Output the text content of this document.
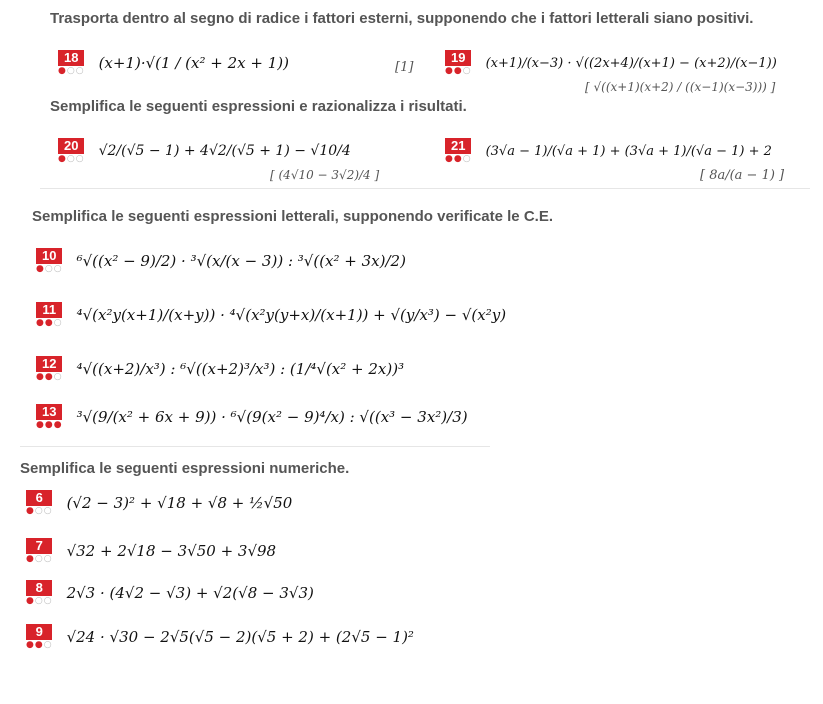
Trasporta dentro al segno di radice i fattori esterni, supponendo che i fattori letterali siano positivi.
18
●○○ (x+1)·√(1 / (x² + 2x + 1))	[1]
19
●●○
(x+1)/(x−3) · √((2x+4)/(x+1) − (x+2)/(x−1))
[ √((x+1)(x+2) / ((x−1)(x−3))) ]
Semplifica le seguenti espressioni e razionalizza i risultati.
20
●○○ √2/(√5 − 1) + 4√2/(√5 + 1) − √10/4
[ (4√10 − 3√2)/4 ]
21
●●○
(3√a − 1)/(√a + 1) + (3√a + 1)/(√a − 1) + 2
[ 8a/(a − 1) ]
Semplifica le seguenti espressioni letterali, supponendo verificate le C.E.
10
●○○ ⁶√((x² − 9)/2) · ³√(x/(x − 3)) : ³√((x² + 3x)/2)
11
●●○ ⁴√(x²y(x+1)/(x+y)) · ⁴√(x²y(y+x)/(x+1)) + √(y/x³) − √(x²y)
12
●●○ ⁴√((x+2)/x³) : ⁶√((x+2)³/x³) : (1/⁴√(x² + 2x))³
13
●●● ³√(9/(x² + 6x + 9)) · ⁶√(9(x² − 9)⁴/x) : √((x³ − 3x²)/3)
Semplifica le seguenti espressioni numeriche.
6
●○○ (√2 − 3)² + √18 + √8 + ½√50
7
●○○ √32 + 2√18 − 3√50 + 3√98
8
●○○ 2√3 · (4√2 − √3) + √2(√8 − 3√3)
9
●●○ √24 · √30 − 2√5(√5 − 2)(√5 + 2) + (2√5 − 1)²
